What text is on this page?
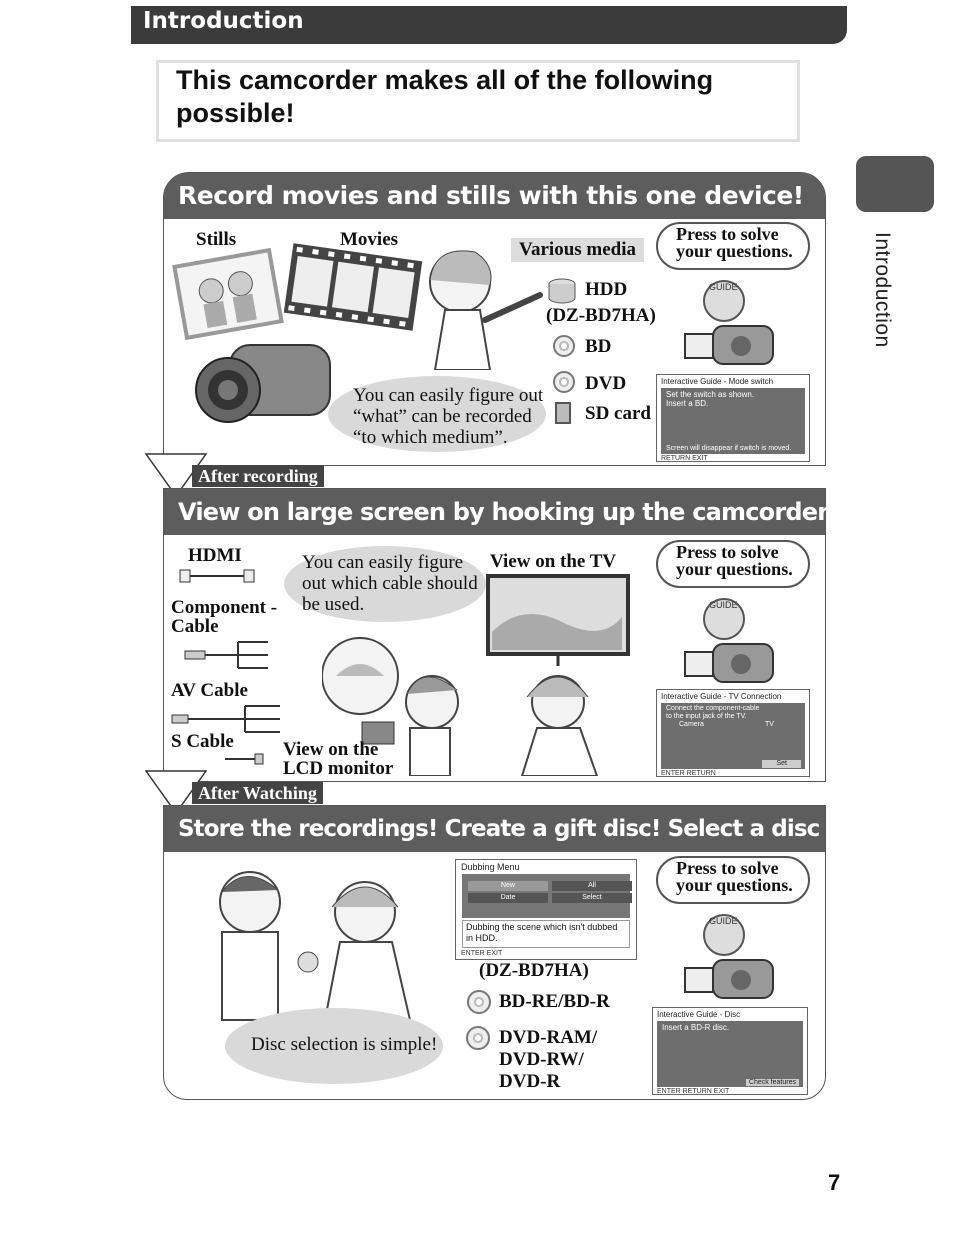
Introduction
This camcorder makes all of the following possible!
Introduction
Record movies and stills with this one device!
Stills	Movies	Various media
You can easily figure out “what” can be recorded “to which medium”.
HDD
(DZ-BD7HA)
BD
DVD
SD card
Press to solve your questions.
GUIDE
Interactive Guide - Mode switch
Set the switch as shown.
Insert a BD.
Screen will disappear if switch is moved.
RETURN EXIT
After recording
View on large screen by hooking up the camcorder to a TV!
HDMI
Component -Cable
AV Cable
S Cable
You can easily figure out which cable should be used.
View on the TV
View on the LCD monitor
Press to solve your questions.
GUIDE
Interactive Guide - TV Connection
Connect the component-cable
to the input jack of the TV.
Camera	TV
Set
ENTER RETURN
After Watching
Store the recordings! Create a gift disc! Select a disc easily!
Disc selection is simple!
Dubbing Menu
New	All
Date	Select
Dubbing the scene which isn't dubbed in HDD.
ENTER EXIT
(DZ-BD7HA)
BD-RE/BD-R
DVD-RAM/ DVD-RW/ DVD-R
Press to solve your questions.
GUIDE
Interactive Guide - Disc
Insert a BD-R disc.
Check features
ENTER RETURN EXIT
7
